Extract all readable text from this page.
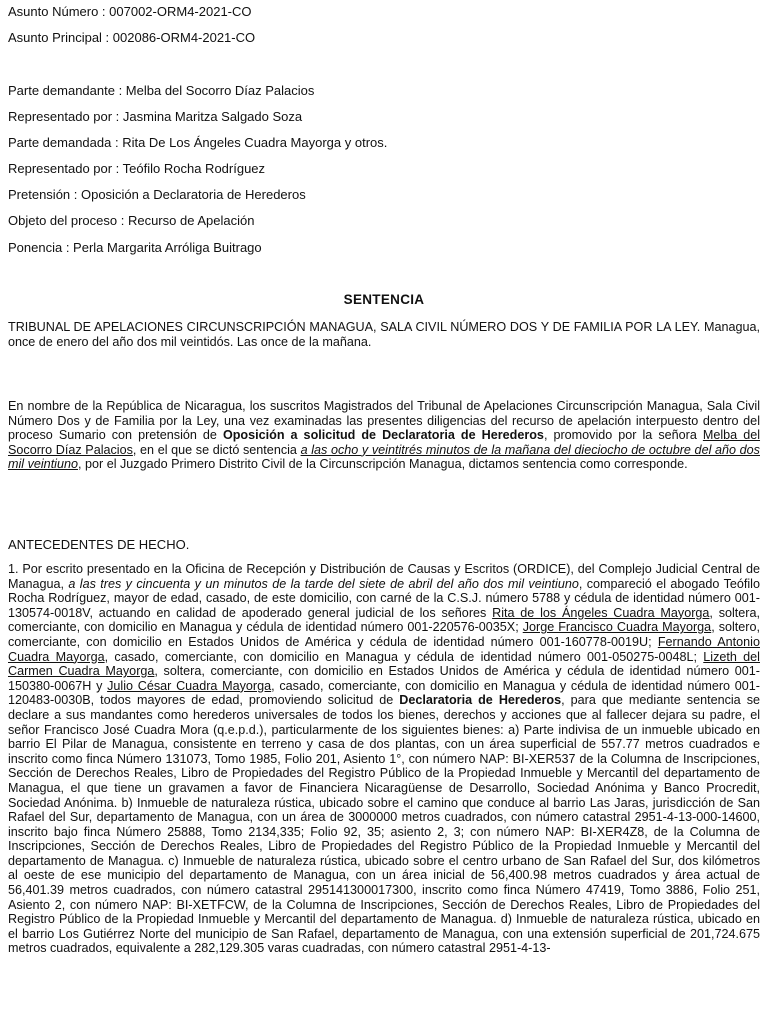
Asunto Número : 007002-ORM4-2021-CO
Asunto Principal : 002086-ORM4-2021-CO
Parte demandante : Melba del Socorro Díaz Palacios
Representado por : Jasmina Maritza Salgado Soza
Parte demandada : Rita De Los Ángeles Cuadra Mayorga y otros.
Representado por : Teófilo Rocha Rodríguez
Pretensión : Oposición a Declaratoria de Herederos
Objeto del proceso : Recurso de Apelación
Ponencia : Perla Margarita Arróliga Buitrago
SENTENCIA
TRIBUNAL DE APELACIONES CIRCUNSCRIPCIÓN MANAGUA, SALA CIVIL NÚMERO DOS Y DE FAMILIA POR LA LEY. Managua, once de enero del año dos mil veintidós. Las once de la mañana.
En nombre de la República de Nicaragua, los suscritos Magistrados del Tribunal de Apelaciones Circunscripción Managua, Sala Civil Número Dos y de Familia por la Ley, una vez examinadas las presentes diligencias del recurso de apelación interpuesto dentro del proceso Sumario con pretensión de Oposición a solicitud de Declaratoria de Herederos, promovido por la señora Melba del Socorro Díaz Palacios, en el que se dictó sentencia a las ocho y veintitrés minutos de la mañana del dieciocho de octubre del año dos mil veintiuno, por el Juzgado Primero Distrito Civil de la Circunscripción Managua, dictamos sentencia como corresponde.
ANTECEDENTES DE HECHO.
1. Por escrito presentado en la Oficina de Recepción y Distribución de Causas y Escritos (ORDICE), del Complejo Judicial Central de Managua, a las tres y cincuenta y un minutos de la tarde del siete de abril del año dos mil veintiuno, compareció el abogado Teófilo Rocha Rodríguez, mayor de edad, casado, de este domicilio, con carné de la C.S.J. número 5788 y cédula de identidad número 001-130574-0018V, actuando en calidad de apoderado general judicial de los señores Rita de los Ángeles Cuadra Mayorga, soltera, comerciante, con domicilio en Managua y cédula de identidad número 001-220576-0035X; Jorge Francisco Cuadra Mayorga, soltero, comerciante, con domicilio en Estados Unidos de América y cédula de identidad número 001-160778-0019U; Fernando Antonio Cuadra Mayorga, casado, comerciante, con domicilio en Managua y cédula de identidad número 001-050275-0048L; Lizeth del Carmen Cuadra Mayorga, soltera, comerciante, con domicilio en Estados Unidos de América y cédula de identidad número 001-150380-0067H y Julio César Cuadra Mayorga, casado, comerciante, con domicilio en Managua y cédula de identidad número 001-120483-0030B, todos mayores de edad, promoviendo solicitud de Declaratoria de Herederos, para que mediante sentencia se declare a sus mandantes como herederos universales de todos los bienes, derechos y acciones que al fallecer dejara su padre, el señor Francisco José Cuadra Mora (q.e.p.d.), particularmente de los siguientes bienes: a) Parte indivisa de un inmueble ubicado en barrio El Pilar de Managua, consistente en terreno y casa de dos plantas, con un área superficial de 557.77 metros cuadrados e inscrito como finca Número 131073, Tomo 1985, Folio 201, Asiento 1°, con número NAP: BI-XER537 de la Columna de Inscripciones, Sección de Derechos Reales, Libro de Propiedades del Registro Público de la Propiedad Inmueble y Mercantil del departamento de Managua, el que tiene un gravamen a favor de Financiera Nicaragüense de Desarrollo, Sociedad Anónima y Banco Procredit, Sociedad Anónima. b) Inmueble de naturaleza rústica, ubicado sobre el camino que conduce al barrio Las Jaras, jurisdicción de San Rafael del Sur, departamento de Managua, con un área de 3000000 metros cuadrados, con número catastral 2951-4-13-000-14600, inscrito bajo finca Número 25888, Tomo 2134,335; Folio 92, 35; asiento 2, 3; con número NAP: BI-XER4Z8, de la Columna de Inscripciones, Sección de Derechos Reales, Libro de Propiedades del Registro Público de la Propiedad Inmueble y Mercantil del departamento de Managua. c) Inmueble de naturaleza rústica, ubicado sobre el centro urbano de San Rafael del Sur, dos kilómetros al oeste de ese municipio del departamento de Managua, con un área inicial de 56,400.98 metros cuadrados y área actual de 56,401.39 metros cuadrados, con número catastral 295141300017300, inscrito como finca Número 47419, Tomo 3886, Folio 251, Asiento 2, con número NAP: BI-XETFCW, de la Columna de Inscripciones, Sección de Derechos Reales, Libro de Propiedades del Registro Público de la Propiedad Inmueble y Mercantil del departamento de Managua. d) Inmueble de naturaleza rústica, ubicado en el barrio Los Gutiérrez Norte del municipio de San Rafael, departamento de Managua, con una extensión superficial de 201,724.675 metros cuadrados, equivalente a 282,129.305 varas cuadradas, con número catastral 2951-4-13-
